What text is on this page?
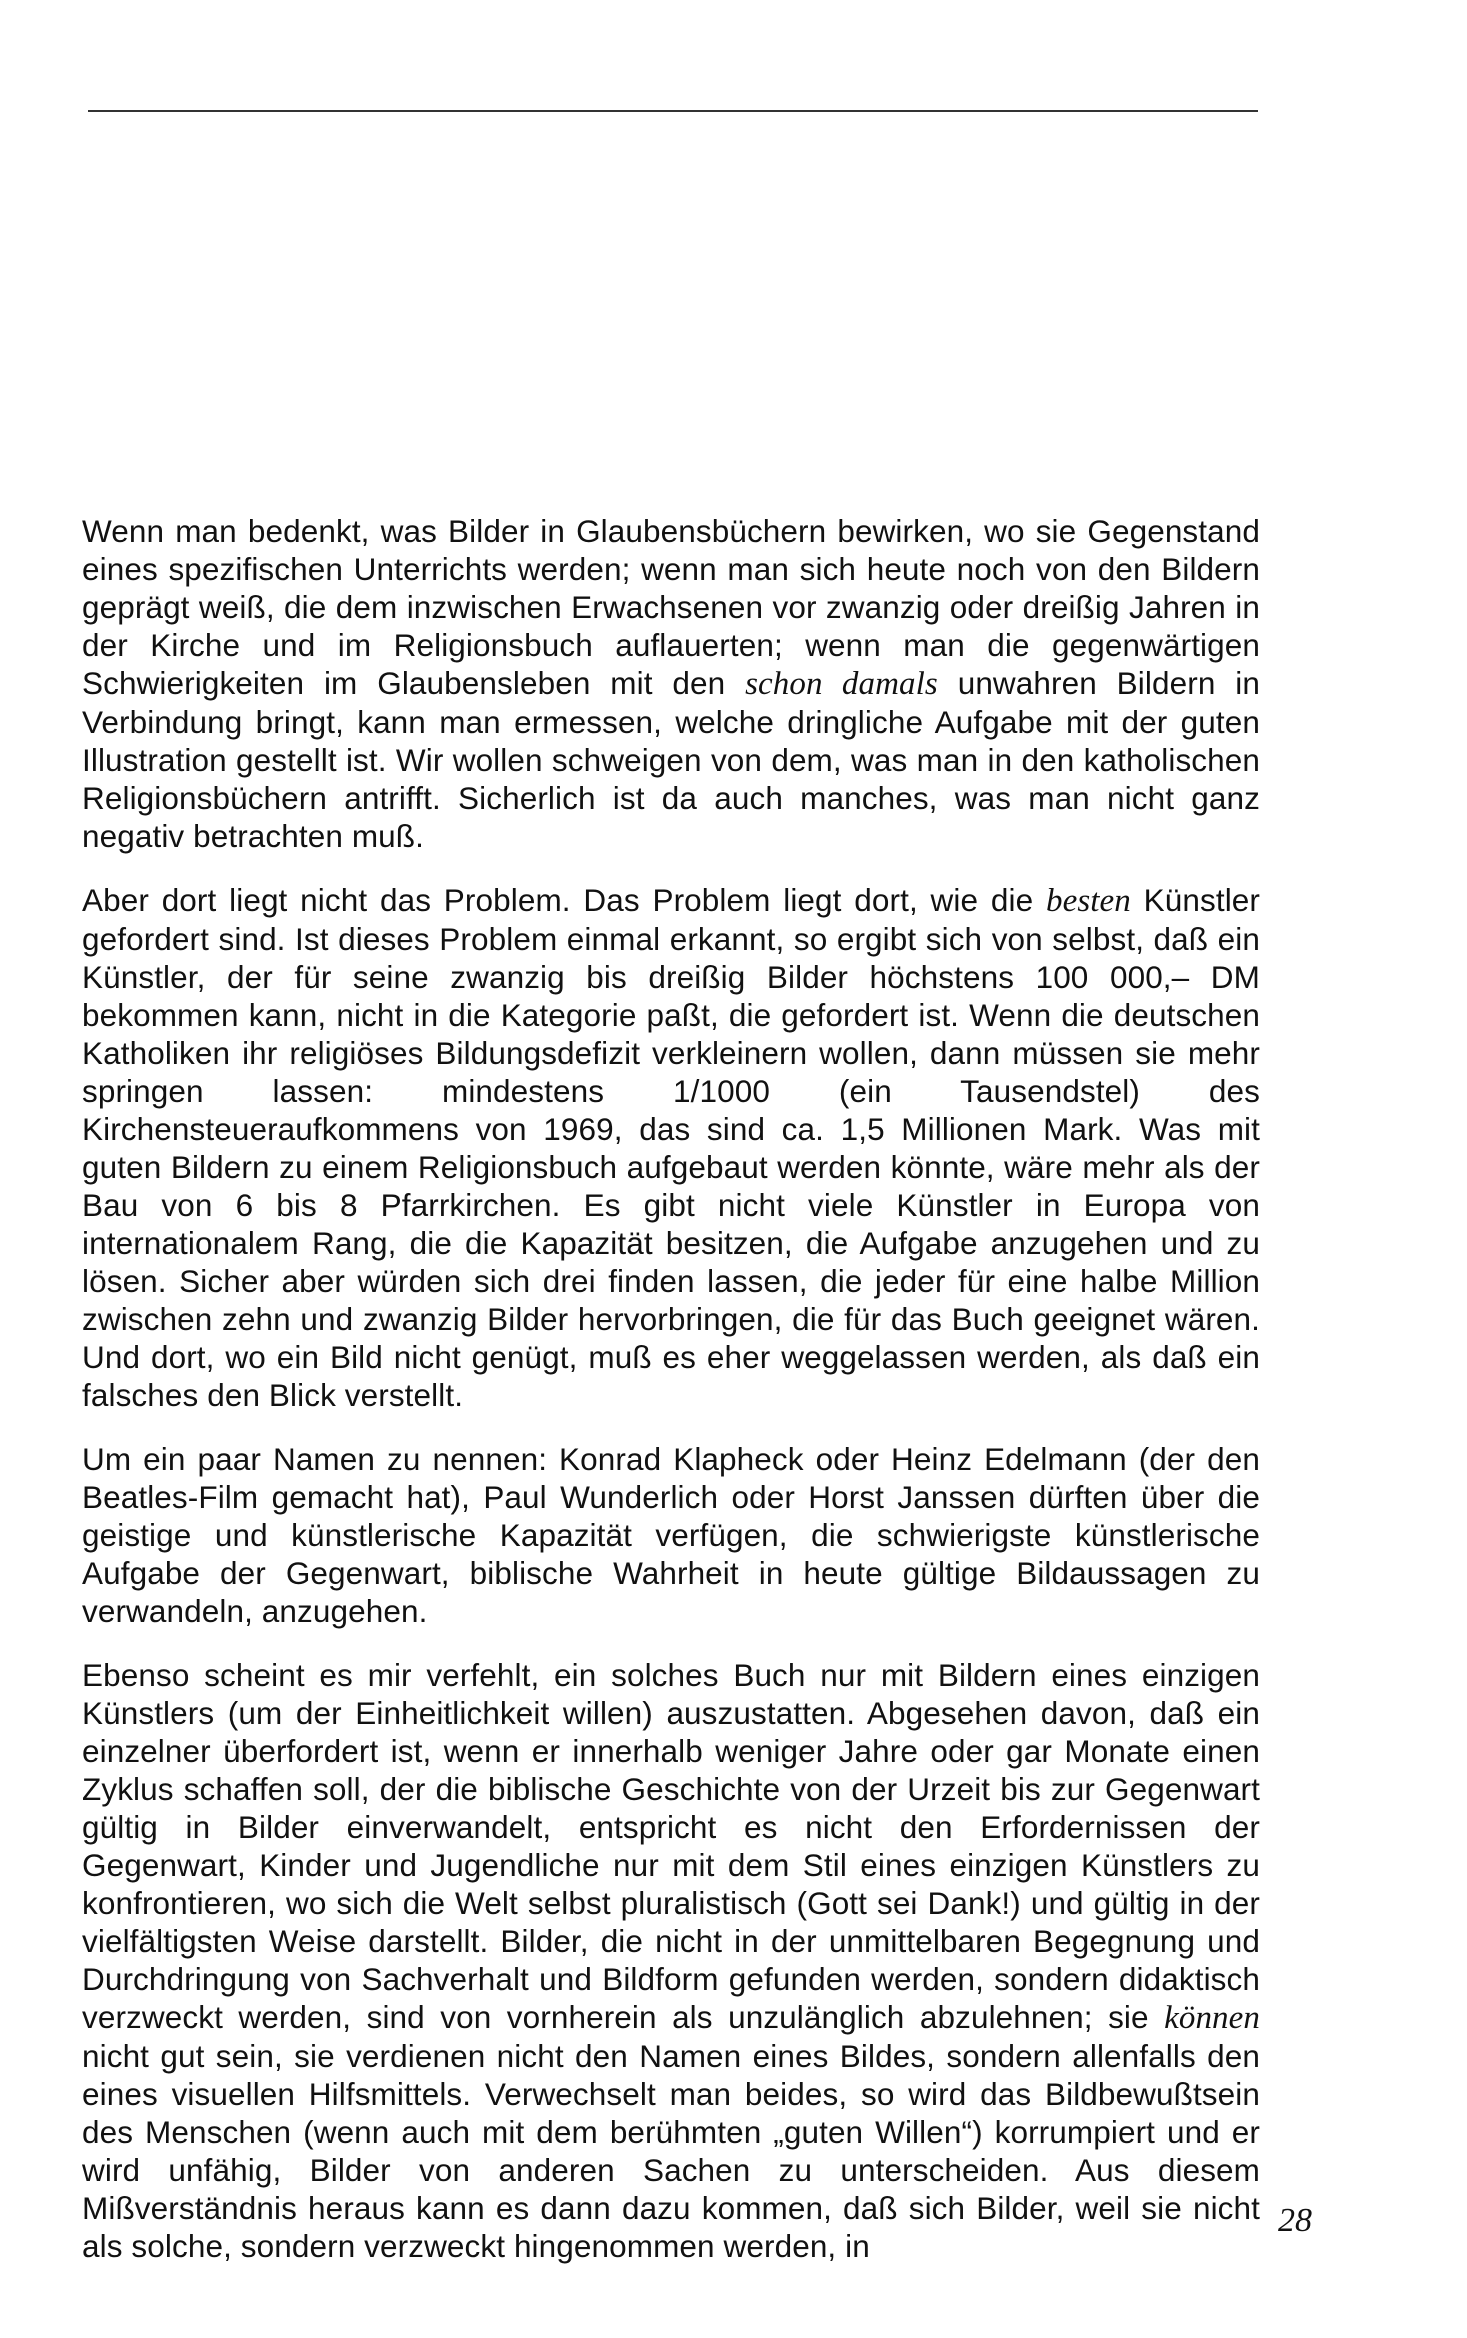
Wenn man bedenkt, was Bilder in Glaubensbüchern bewirken, wo sie Gegenstand eines spezifischen Unterrichts werden; wenn man sich heute noch von den Bildern geprägt weiß, die dem inzwischen Erwachsenen vor zwanzig oder dreißig Jahren in der Kirche und im Religionsbuch auflauerten; wenn man die gegenwärtigen Schwierigkeiten im Glaubensleben mit den schon damals unwahren Bildern in Verbindung bringt, kann man ermessen, welche dringliche Aufgabe mit der guten Illustration gestellt ist. Wir wollen schweigen von dem, was man in den katholischen Religionsbüchern antrifft. Sicherlich ist da auch manches, was man nicht ganz negativ betrachten muß.

Aber dort liegt nicht das Problem. Das Problem liegt dort, wie die besten Künstler gefordert sind. Ist dieses Problem einmal erkannt, so ergibt sich von selbst, daß ein Künstler, der für seine zwanzig bis dreißig Bilder höchstens 100 000,– DM bekommen kann, nicht in die Kategorie paßt, die gefordert ist. Wenn die deutschen Katholiken ihr religiöses Bildungsdefizit verkleinern wollen, dann müssen sie mehr springen lassen: mindestens 1/1000 (ein Tausendstel) des Kirchensteueraufkommens von 1969, das sind ca. 1,5 Millionen Mark. Was mit guten Bildern zu einem Religionsbuch aufgebaut werden könnte, wäre mehr als der Bau von 6 bis 8 Pfarrkirchen. Es gibt nicht viele Künstler in Europa von internationalem Rang, die die Kapazität besitzen, die Aufgabe anzugehen und zu lösen. Sicher aber würden sich drei finden lassen, die jeder für eine halbe Million zwischen zehn und zwanzig Bilder hervorbringen, die für das Buch geeignet wären. Und dort, wo ein Bild nicht genügt, muß es eher weggelassen werden, als daß ein falsches den Blick verstellt.

Um ein paar Namen zu nennen: Konrad Klapheck oder Heinz Edelmann (der den Beatles-Film gemacht hat), Paul Wunderlich oder Horst Janssen dürften über die geistige und künstlerische Kapazität verfügen, die schwierigste künstlerische Aufgabe der Gegenwart, biblische Wahrheit in heute gültige Bildaussagen zu verwandeln, anzugehen.

Ebenso scheint es mir verfehlt, ein solches Buch nur mit Bildern eines einzigen Künstlers (um der Einheitlichkeit willen) auszustatten. Abgesehen davon, daß ein einzelner überfordert ist, wenn er innerhalb weniger Jahre oder gar Monate einen Zyklus schaffen soll, der die biblische Geschichte von der Urzeit bis zur Gegenwart gültig in Bilder einverwandelt, entspricht es nicht den Erfordernissen der Gegenwart, Kinder und Jugendliche nur mit dem Stil eines einzigen Künstlers zu konfrontieren, wo sich die Welt selbst pluralistisch (Gott sei Dank!) und gültig in der vielfältigsten Weise darstellt. Bilder, die nicht in der unmittelbaren Begegnung und Durchdringung von Sachverhalt und Bildform gefunden werden, sondern didaktisch verzweckt werden, sind von vornherein als unzulänglich abzulehnen; sie können nicht gut sein, sie verdienen nicht den Namen eines Bildes, sondern allenfalls den eines visuellen Hilfsmittels. Verwechselt man beides, so wird das Bildbewußtsein des Menschen (wenn auch mit dem berühmten „guten Willen“) korrumpiert und er wird unfähig, Bilder von anderen Sachen zu unterscheiden. Aus diesem Mißverständnis heraus kann es dann dazu kommen, daß sich Bilder, weil sie nicht als solche, sondern verzweckt hingenommen werden, in

28
